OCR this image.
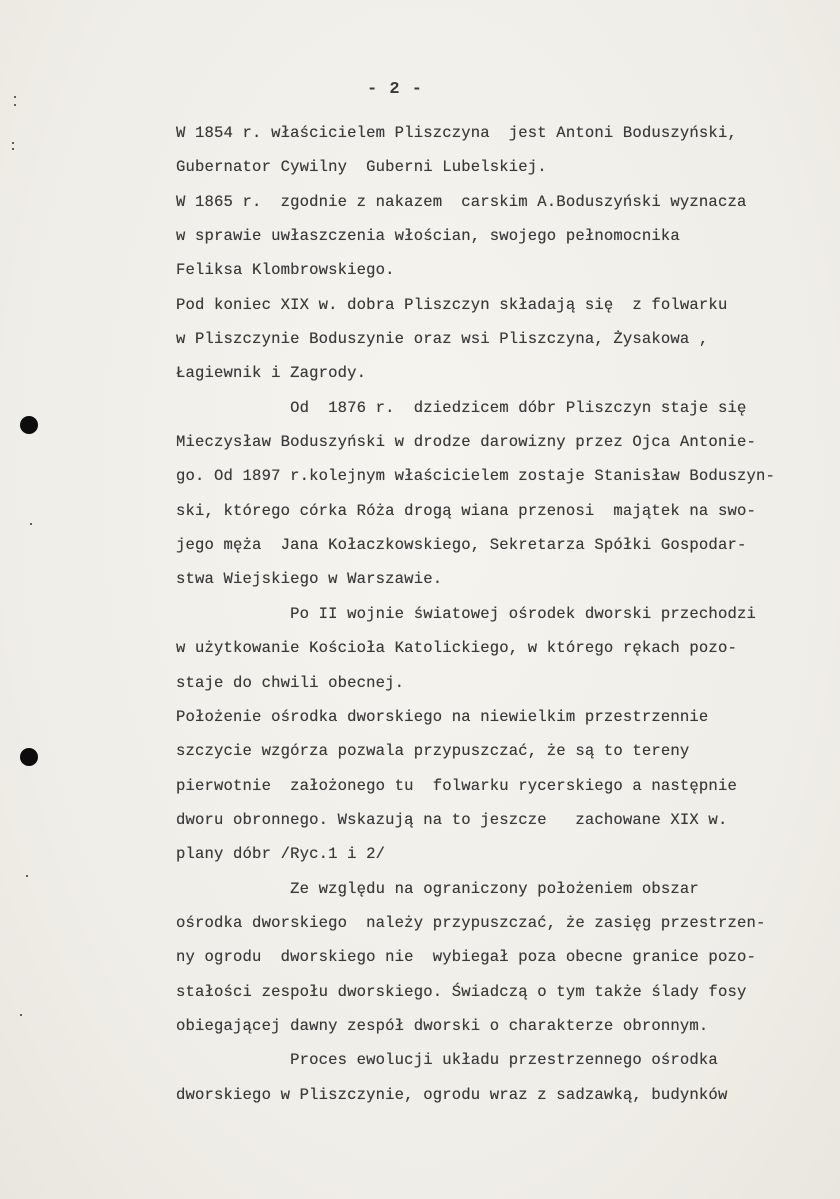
- 2 -
W 1854 r. właścicielem Pliszczyna  jest Antoni Boduszyński,
Gubernator Cywilny  Guberni Lubelskiej.
W 1865 r.  zgodnie z nakazem  carskim A.Boduszyński wyznacza
w sprawie uwłaszczenia włościan, swojego pełnomocnika
Feliksa Klombrowskiego.
Pod koniec XIX w. dobra Pliszczyn składają się  z folwarku
w Pliszczynie Boduszynie oraz wsi Pliszczyna, Żysakowa ,
Łagiewnik i Zagrody.
Od  1876 r.  dziedzicem dóbr Pliszczyn staje się
Mieczysław Boduszyński w drodze darowizny przez Ojca Antonie-
go. Od 1897 r.kolejnym właścicielem zostaje Stanisław Boduszyn-
ski, którego córka Róża drogą wiana przenosi  majątek na swo-
jego męża  Jana Kołaczkowskiego, Sekretarza Spółki Gospodar-
stwa Wiejskiego w Warszawie.
Po II wojnie światowej ośrodek dworski przechodzi
w użytkowanie Kościoła Katolickiego, w którego rękach pozo-
staje do chwili obecnej.
Położenie ośrodka dworskiego na niewielkim przestrzennie
szczycie wzgórza pozwala przypuszczać, że są to tereny
pierwotnie  założonego tu  folwarku rycerskiego a następnie
dworu obronnego. Wskazują na to jeszcze   zachowane XIX w.
plany dóbr /Ryc.1 i 2/
Ze względu na ograniczony położeniem obszar
ośrodka dworskiego  należy przypuszczać, że zasięg przestrzen-
ny ogrodu  dworskiego nie  wybiegał poza obecne granice pozo-
stałości zespołu dworskiego. Świadczą o tym także ślady fosy
obiegającej dawny zespół dworski o charakterze obronnym.
Proces ewolucji układu przestrzennego ośrodka
dworskiego w Pliszczynie, ogrodu wraz z sadzawką, budynków
